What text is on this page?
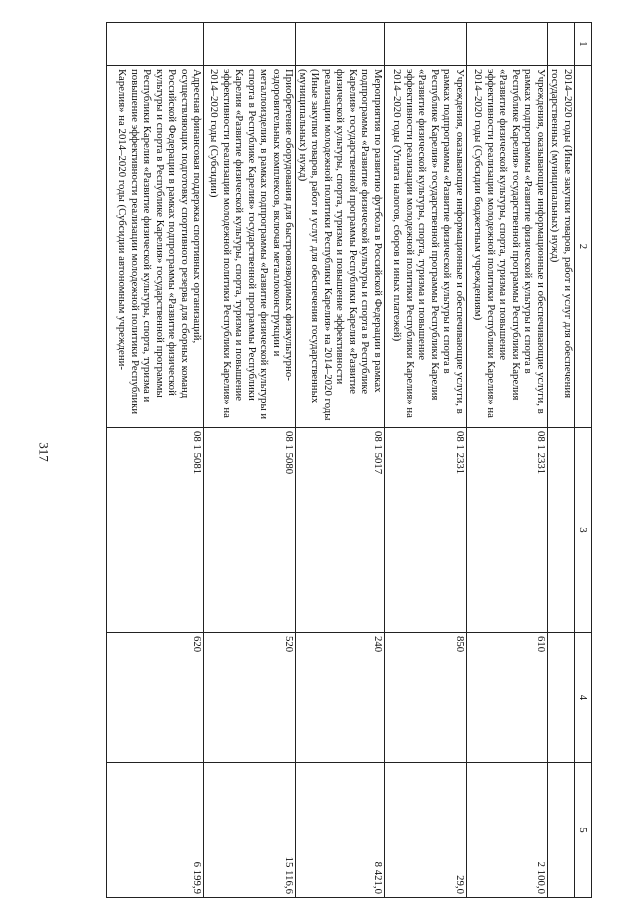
317
1	2	3	4	5
	2014–2020 годы (Иные закупки товаров, работ и услуг для обеспечения государственных (муниципальных) нужд)			
	Учреждения, оказывающие информационные и обеспечивающие услуги, в рамках подпрограммы «Развитие физической культуры и спорта в Республике Карелия» государственной программы Республики Карелия «Развитие физической культуры, спорта, туризма и повышение эффективности реализации молодежной политики Республики Карелия» на 2014–2020 годы (Субсидии бюджетным учреждениям)	08 1 2331	610	2 100,0
	Учреждения, оказывающие информационные и обеспечивающие услуги, в рамках подпрограммы «Развитие физической культуры и спорта в Республике Карелия» государственной программы Республики Карелия «Развитие физической культуры, спорта, туризма и повышение эффективности реализации молодежной политики Республики Карелия» на 2014–2020 годы (Уплата налогов, сборов и иных платежей)	08 1 2331	850	29,0
	Мероприятия по развитию футбола в Российской Федерации в рамках подпрограммы «Развитие физической культуры и спорта в Республике Карелия» государственной программы Республики Карелия «Развитие физической культуры, спорта, туризма и повышение эффективности реализации молодежной политики Республики Карелия» на 2014–2020 годы (Иные закупки товаров, работ и услуг для обеспечения государственных (муниципальных) нужд)	08 1 5017	240	8 421,0
	Приобретение оборудования для быстровозводимых физкультурно-оздоровительных комплексов, включая металлоконструкции и металлоизделия, в рамках подпрограммы «Развитие физической культуры и спорта в Республике Карелия» государственной программы Республики Карелия «Развитие физической культуры, спорта, туризма и повышение эффективности реализации молодежной политики Республики Карелия» на 2014–2020 годы (Субсидии)	08 1 5080	520	15 116,6
	Адресная финансовая поддержка спортивных организаций, осуществляющих подготовку спортивного резерва для сборных команд Российской Федерации в рамках подпрограммы «Развитие физической культуры и спорта в Республике Карелия» государственной программы Республики Карелия «Развитие физической культуры, спорта, туризма и повышение эффективности реализации молодежной политики Республики Карелия» на 2014–2020 годы (Субсидии автономным учреждени-	08 1 5081	620	6 199,9
